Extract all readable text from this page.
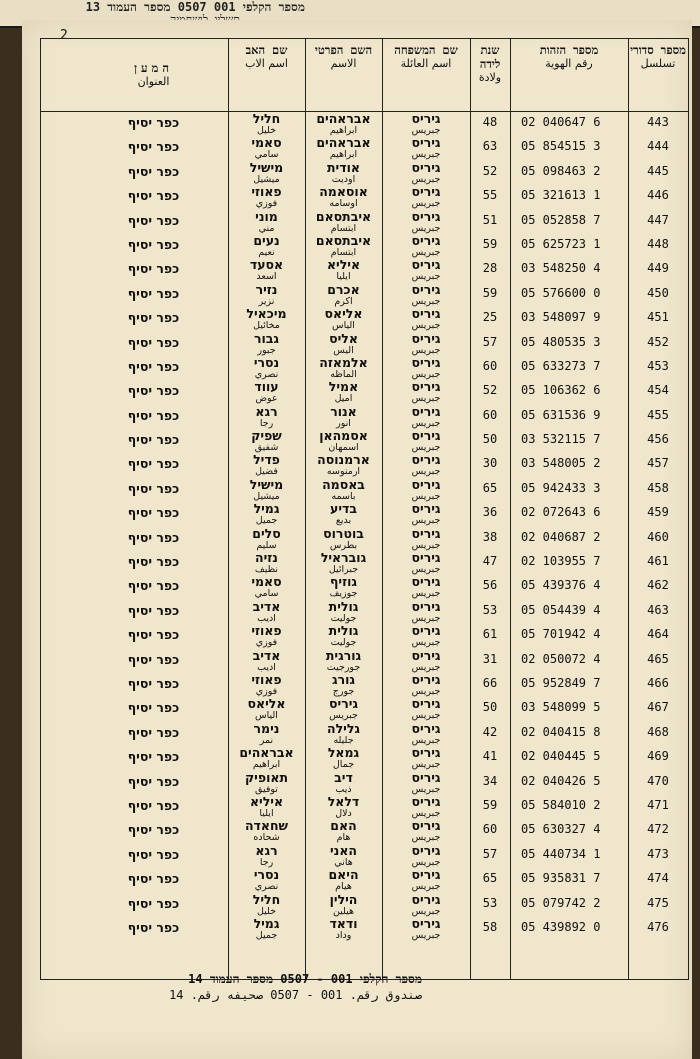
מספר הקלפי 001 0507 מספר העמוד 13
2
מספר סדורי
تسلسل
מספר הזהות
رقم الهوية
שנת לידה
ولادة
שם המשפחה
اسم العائلة
השם הפרטי
الاسم
שם האב
اسم الاب
המען
العنوان
443
02 040647 6
48
גיריס
جبريس
אבראהים
ابراهيم
חליל
خليل
כפר יסיף
444
05 854515 3
63
גיריס
جبريس
אבראהים
ابراهيم
סאמי
سامي
כפר יסיף
445
05 098463 2
52
גיריס
جبريس
אודית
اوديت
מישיל
ميشيل
כפר יסיף
446
05 321613 1
55
גיריס
جبريس
אוסאמה
اوسامه
פאוזי
فوزي
כפר יסיף
447
05 052858 7
51
גיריס
جبريس
איבתסאם
ابتسام
מוני
مني
כפר יסיף
448
05 625723 1
59
גיריס
جبريس
איבתסאם
ابتسام
נעים
نعيم
כפר יסיף
449
03 548250 4
28
גיריס
جبريس
איליא
ايليا
אסעד
اسعد
כפר יסיף
450
05 576600 0
59
גיריס
جبريس
אכרם
اكرم
נזיר
نزير
כפר יסיף
451
03 548097 9
25
גיריס
جبريس
אליאס
الياس
מיכאיל
مخائيل
כפר יסיף
452
05 480535 3
57
גיריס
جبريس
אליס
اليس
גבור
جبور
כפר יסיף
453
05 633273 7
60
גיריס
جبريس
אלמאזה
الماظه
נסרי
نصري
כפר יסיף
454
05 106362 6
52
גיריס
جبريس
אמיל
اميل
עווד
عوض
כפר יסיף
455
05 631536 9
60
גיריס
جبريس
אנור
انور
רגא
رجا
כפר יסיף
456
03 532115 7
50
גיריס
جبريس
אסמהאן
اسمهان
שפיק
شفيق
כפר יסיף
457
03 548005 2
30
גיריס
جبريس
ארמנוסה
ارمنوسه
פדיל
فضيل
כפר יסיף
458
05 942433 3
65
גיריס
جبريس
באסמה
باسمه
מישיל
ميشيل
כפר יסיף
459
02 072643 6
36
גיריס
جبريس
בדיע
بديع
גמיל
جميل
כפר יסיף
460
02 040687 2
38
גיריס
جبريس
בוטרוס
بطرس
סלים
سليم
כפר יסיף
461
02 103955 7
47
גיריס
جبريس
גובראיל
جبرائيل
נזיה
نظيف
כפר יסיף
462
05 439376 4
56
גיריס
جبريس
גוזיף
جوزيف
סאמי
سامي
כפר יסיף
463
05 054439 4
53
גיריס
جبريس
גולית
جوليت
אדיב
اديب
כפר יסיף
464
05 701942 4
61
גיריס
جبريس
גולית
جوليت
פאוזי
فوزي
כפר יסיף
465
02 050072 4
31
גיריס
جبريس
גורגית
جورجيت
אדיב
اديب
כפר יסיף
466
05 952849 7
66
גיריס
جبريس
גורג
جورج
פאוזי
فوزي
כפר יסיף
467
03 548099 5
50
גיריס
جبريس
גיריס
جبريس
אליאס
الياس
כפר יסיף
468
02 040415 8
42
גיריס
جبريس
גלילה
جليله
נימר
نمر
כפר יסיף
469
02 040445 5
41
גיריס
جبريس
גמאל
جمال
אבראהים
ابراهيم
כפר יסיף
470
02 040426 5
34
גיריס
جبريس
דיב
ذيب
תאופיק
توفيق
כפר יסיף
471
05 584010 2
59
גיריס
جبريس
דלאל
دلال
איליא
ايليا
כפר יסיף
472
05 630327 4
60
גיריס
جبريس
האם
هام
שחאדה
شحاده
כפר יסיף
473
05 440734 1
57
גיריס
جبريس
האני
هاني
רגא
رجا
כפר יסיף
474
05 935831 7
65
גיריס
جبريس
היאם
هيام
נסרי
نصري
כפר יסיף
475
05 079742 2
53
גיריס
جبريس
הילין
هيلين
חליל
خليل
כפר יסיף
476
05 439892 0
58
גיריס
جبريس
ודאד
وداد
גמיל
جميل
כפר יסיף
מספר הקלפי 001 - 0507 מספר העמוד 14
صندوق رقم. 001 - 0507 صحيفه رقم. 14
